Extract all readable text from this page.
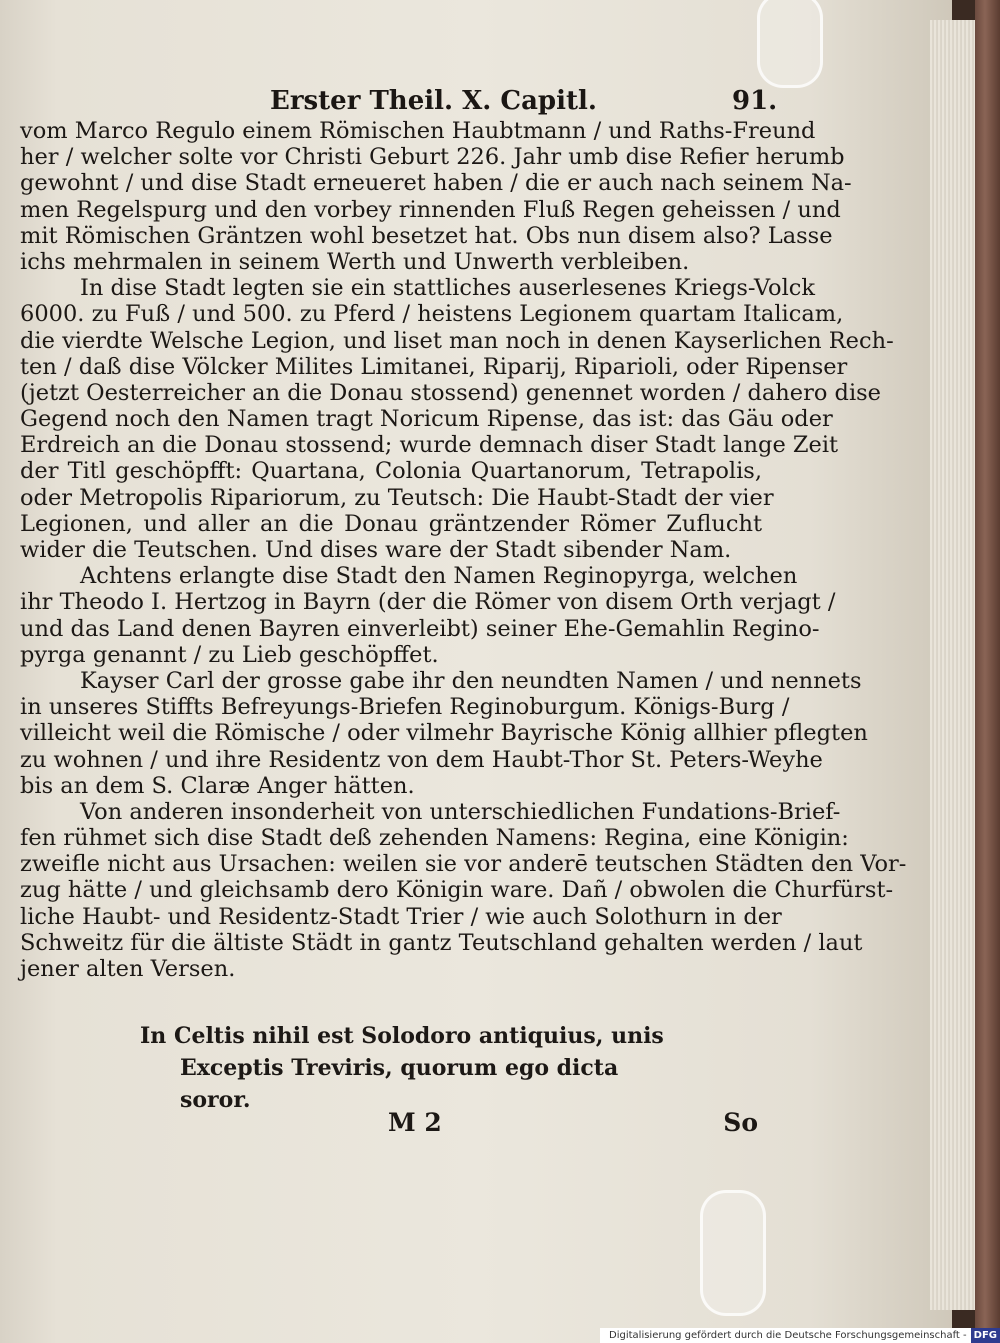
Erster Theil. X. Capitl.	91.
vom Marco Regulo einem Römischen Haubtmann / und Raths-Freund
her / welcher solte vor Christi Geburt 226. Jahr umb dise Refier herumb
gewohnt / und dise Stadt erneueret haben / die er auch nach seinem Na-
men Regelspurg und den vorbey rinnenden Fluß Regen geheissen / und
mit Römischen Gräntzen wohl besetzet hat. Obs nun disem also? Lasse
ichs mehrmalen in seinem Werth und Unwerth verbleiben.
In dise Stadt legten sie ein stattliches auserlesenes Kriegs-Volck
6000. zu Fuß / und 500. zu Pferd / heistens Legionem quartam Italicam,
die vierdte Welsche Legion, und liset man noch in denen Kayserlichen Rech-
ten / daß dise Völcker Milites Limitanei, Riparij, Riparioli, oder Ripenser
(jetzt Oesterreicher an die Donau stossend) genennet worden / dahero dise
Gegend noch den Namen tragt Noricum Ripense, das ist: das Gäu oder
Erdreich an die Donau stossend; wurde demnach diser Stadt lange Zeit
der Titl geschöpfft: Quartana, Colonia Quartanorum, Tetrapolis,
oder Metropolis Ripariorum, zu Teutsch: Die Haubt-Stadt der vier
Legionen, und aller an die Donau gräntzender Römer Zuflucht
wider die Teutschen. Und dises ware der Stadt sibender Nam.
Achtens erlangte dise Stadt den Namen Reginopyrga, welchen
ihr Theodo I. Hertzog in Bayrn (der die Römer von disem Orth verjagt /
und das Land denen Bayren einverleibt) seiner Ehe-Gemahlin Regino-
pyrga genannt / zu Lieb geschöpffet.
Kayser Carl der grosse gabe ihr den neundten Namen / und nennets
in unseres Stiffts Befreyungs-Briefen Reginoburgum. Königs-Burg /
villeicht weil die Römische / oder vilmehr Bayrische König allhier pflegten
zu wohnen / und ihre Residentz von dem Haubt-Thor St. Peters-Weyhe
bis an dem S. Claræ Anger hätten.
Von anderen insonderheit von unterschiedlichen Fundations-Brief-
fen rühmet sich dise Stadt deß zehenden Namens: Regina, eine Königin:
zweifle nicht aus Ursachen: weilen sie vor anderē teutschen Städten den Vor-
zug hätte / und gleichsamb dero Königin ware. Dañ / obwolen die Churfürst-
liche Haubt- und Residentz-Stadt Trier / wie auch Solothurn in der
Schweitz für die ältiste Städt in gantz Teutschland gehalten werden / laut
jener alten Versen.
In Celtis nihil est Solodoro antiquius, unis
Exceptis Treviris, quorum ego dicta soror.
M 2	So
Digitalisierung gefördert durch die Deutsche Forschungsgemeinschaft - DFG
